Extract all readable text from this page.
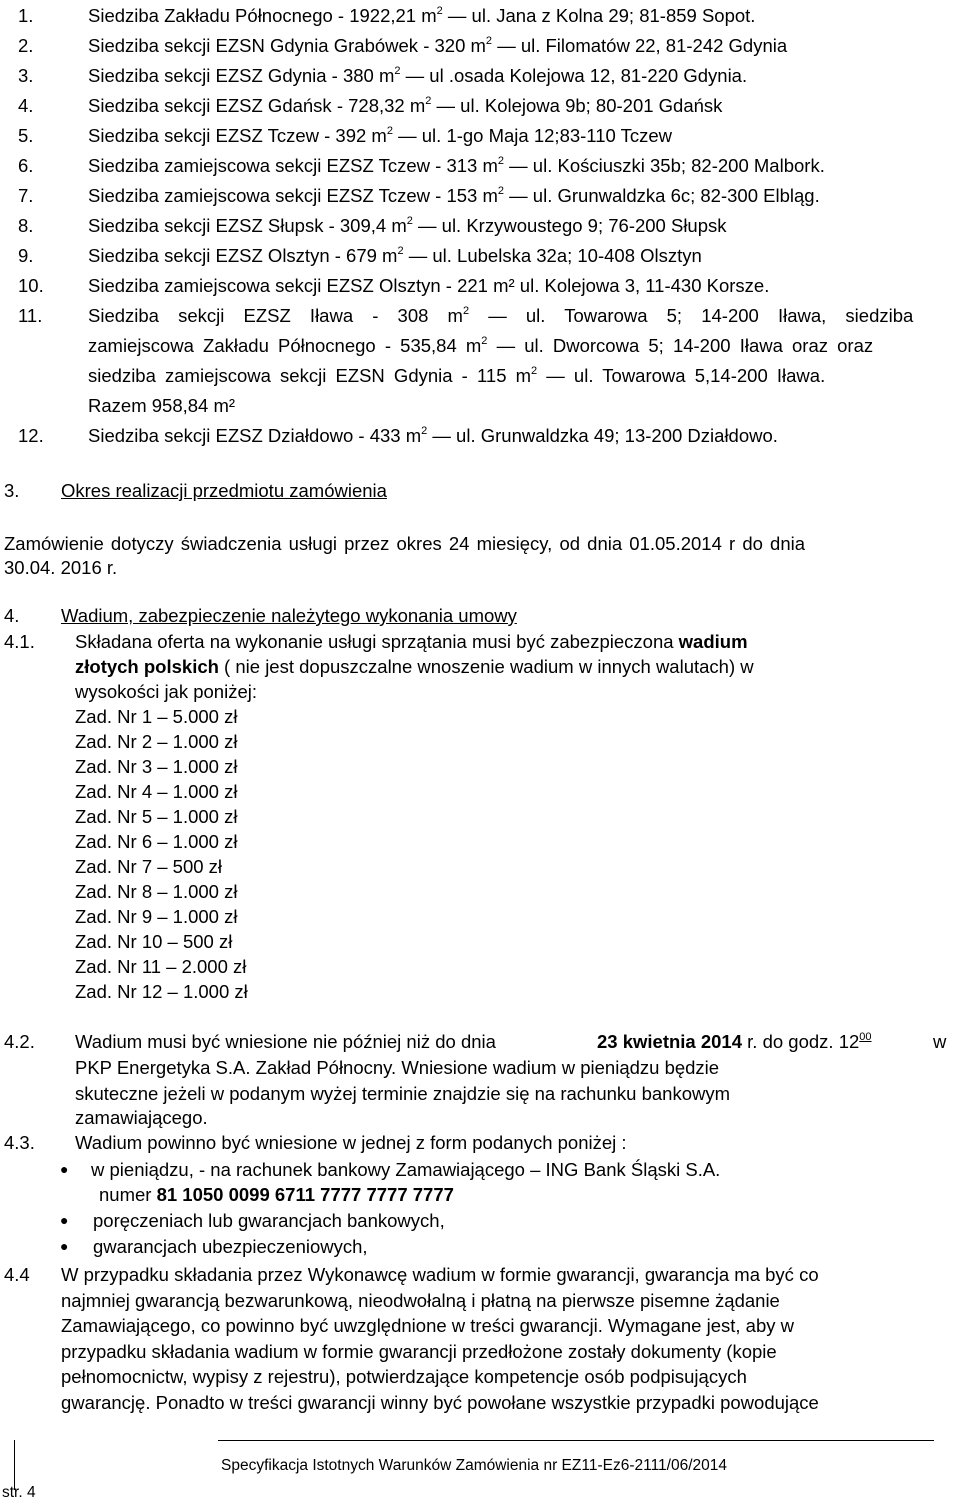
1.	Siedziba Zakładu Północnego - 1922,21 $m^2$ — ul. Jana z Kolna 29; 81-859 Sopot.
2.	Siedziba sekcji EZSN Gdynia Grabówek - 320 $m^2$ — ul. Filomatów 22, 81-242 Gdynia
3.	Siedziba sekcji EZSZ Gdynia - 380 $m^2$ — ul .osada Kolejowa 12, 81-220 Gdynia.
4.	Siedziba sekcji EZSZ Gdańsk - 728,32 $m^2$ — ul. Kolejowa 9b; 80-201 Gdańsk
5.	Siedziba sekcji EZSZ Tczew - 392 $m^2$ — ul. 1-go Maja 12;83-110 Tczew
6.	Siedziba zamiejscowa sekcji EZSZ Tczew - 313 $m^2$ — ul. Kościuszki 35b; 82-200 Malbork.
7.	Siedziba zamiejscowa sekcji EZSZ Tczew - 153 $m^2$ — ul. Grunwaldzka 6c; 82-300 Elbląg.
8.	Siedziba sekcji EZSZ Słupsk - 309,4 $m^2$ — ul. Krzywoustego 9; 76-200 Słupsk
9.	Siedziba sekcji EZSZ Olsztyn - 679 $m^2$ — ul. Lubelska 32a; 10-408 Olsztyn
10. Siedziba zamiejscowa sekcji EZSZ Olsztyn - 221 m² ul. Kolejowa 3, 11-430 Korsze.
11. Siedziba sekcji EZSZ Iława - 308 $m^2$ — ul. Towarowa 5; 14-200 Iława, siedziba
zamiejscowa Zakładu Północnego - 535,84 $m^2$ — ul. Dworcowa 5; 14-200 Iława oraz oraz
siedziba zamiejscowa sekcji EZSN Gdynia - 115 $m^2$ — ul. Towarowa 5,14-200 Iława.
Razem 958,84 m²
12. Siedziba sekcji EZSZ Działdowo - 433 $m^2$ — ul. Grunwaldzka 49; 13-200 Działdowo.
3. Okres realizacji przedmiotu zamówienia
Zamówienie dotyczy świadczenia usługi przez okres 24 miesięcy, od dnia 01.05.2014 r do dnia
30.04. 2016 r.
4. Wadium, zabezpieczenie należytego wykonania umowy
4.1. Składana oferta na wykonanie usługi sprzątania musi być zabezpieczona wadium
złotych polskich ( nie jest dopuszczalne wnoszenie wadium w innych walutach) w
wysokości jak poniżej:
Zad. Nr 1 – 5.000 zł
Zad. Nr 2 – 1.000 zł
Zad. Nr 3 – 1.000 zł
Zad. Nr 4 – 1.000 zł
Zad. Nr 5 – 1.000 zł
Zad. Nr 6 – 1.000 zł
Zad. Nr 7 – 500 zł
Zad. Nr 8 – 1.000 zł
Zad. Nr 9 – 1.000 zł
Zad. Nr 10 – 500 zł
Zad. Nr 11 – 2.000 zł
Zad. Nr 12 – 1.000 zł
4.2. Wadium musi być wniesione nie później niż do dnia	23 kwietnia 2014 r. do godz. $12^{00}$	w
PKP Energetyka S.A. Zakład Północny. Wniesione wadium w pieniądzu będzie
skuteczne jeżeli w podanym wyżej terminie znajdzie się na rachunku bankowym
zamawiającego.
4.3. Wadium powinno być wniesione w jednej z form podanych poniżej :
● w pieniądzu, - na rachunek bankowy Zamawiającego – ING Bank Śląski S.A.
numer 81 1050 0099 6711 7777 7777 7777
● poręczeniach lub gwarancjach bankowych,
● gwarancjach ubezpieczeniowych,
4.4 W przypadku składania przez Wykonawcę wadium w formie gwarancji, gwarancja ma być co
najmniej gwarancją bezwarunkową, nieodwołalną i płatną na pierwsze pisemne żądanie
Zamawiającego, co powinno być uwzględnione w treści gwarancji. Wymagane jest, aby w
przypadku składania wadium w formie gwarancji przedłożone zostały dokumenty (kopie
pełnomocnictw, wypisy z rejestru), potwierdzające kompetencje osób podpisujących
gwarancję. Ponadto w treści gwarancji winny być powołane wszystkie przypadki powodujące
Specyfikacja Istotnych Warunków Zamówienia nr EZ11-Ez6-2111/06/2014
str. 4
